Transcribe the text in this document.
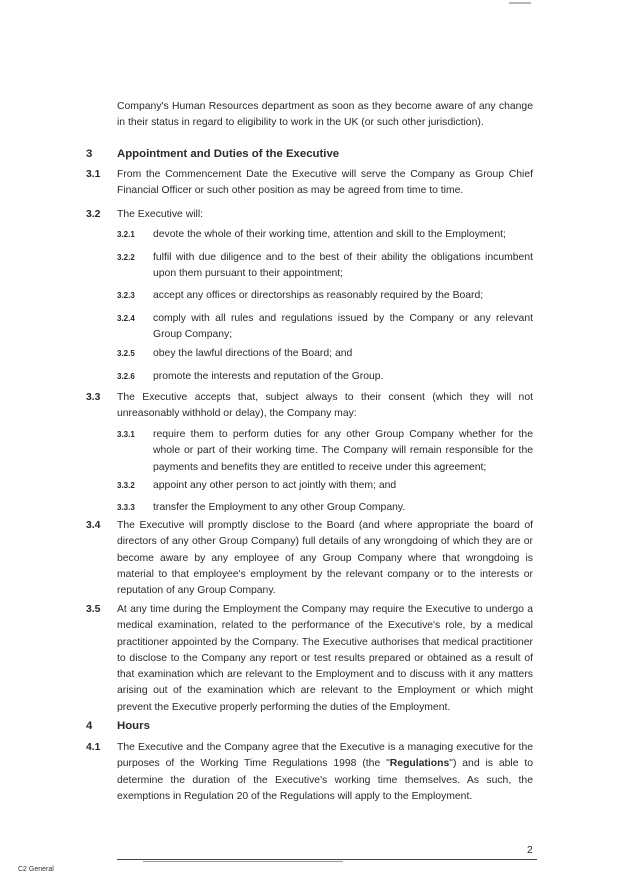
Company's Human Resources department as soon as they become aware of any change in their status in regard to eligibility to work in the UK (or such other jurisdiction).
3 Appointment and Duties of the Executive
3.1 From the Commencement Date the Executive will serve the Company as Group Chief Financial Officer or such other position as may be agreed from time to time.
3.2 The Executive will:
3.2.1 devote the whole of their working time, attention and skill to the Employment;
3.2.2 fulfil with due diligence and to the best of their ability the obligations incumbent upon them pursuant to their appointment;
3.2.3 accept any offices or directorships as reasonably required by the Board;
3.2.4 comply with all rules and regulations issued by the Company or any relevant Group Company;
3.2.5 obey the lawful directions of the Board; and
3.2.6 promote the interests and reputation of the Group.
3.3 The Executive accepts that, subject always to their consent (which they will not unreasonably withhold or delay), the Company may:
3.3.1 require them to perform duties for any other Group Company whether for the whole or part of their working time. The Company will remain responsible for the payments and benefits they are entitled to receive under this agreement;
3.3.2 appoint any other person to act jointly with them; and
3.3.3 transfer the Employment to any other Group Company.
3.4 The Executive will promptly disclose to the Board (and where appropriate the board of directors of any other Group Company) full details of any wrongdoing of which they are or become aware by any employee of any Group Company where that wrongdoing is material to that employee's employment by the relevant company or to the interests or reputation of any Group Company.
3.5 At any time during the Employment the Company may require the Executive to undergo a medical examination, related to the performance of the Executive's role, by a medical practitioner appointed by the Company. The Executive authorises that medical practitioner to disclose to the Company any report or test results prepared or obtained as a result of that examination which are relevant to the Employment and to discuss with it any matters arising out of the examination which are relevant to the Employment or which might prevent the Executive properly performing the duties of the Employment.
4 Hours
4.1 The Executive and the Company agree that the Executive is a managing executive for the purposes of the Working Time Regulations 1998 (the "Regulations") and is able to determine the duration of the Executive's working time themselves. As such, the exemptions in Regulation 20 of the Regulations will apply to the Employment.
2
C2 General
